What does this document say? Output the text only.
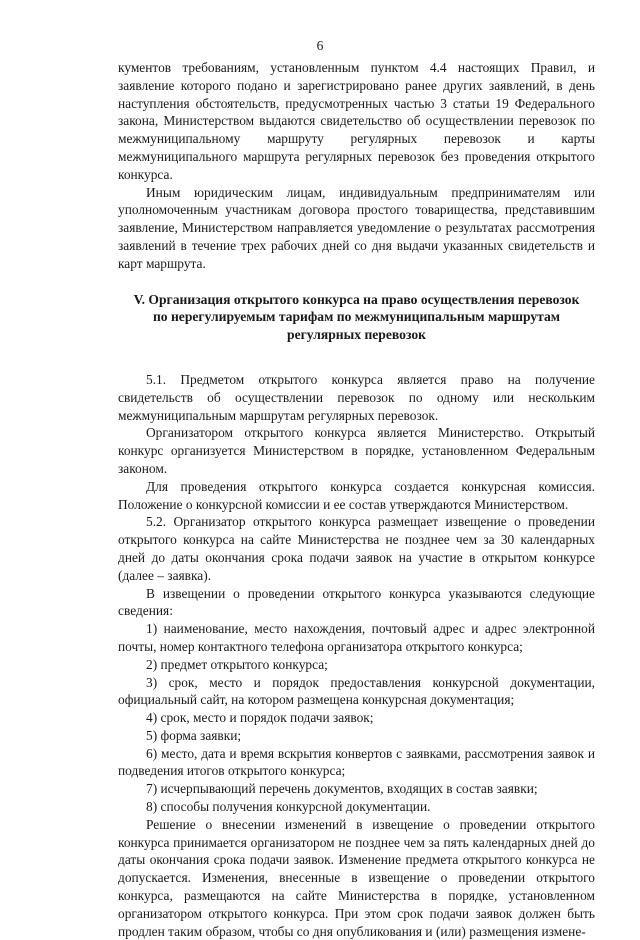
6

кументов требованиям, установленным пунктом 4.4 настоящих Правил, и заявление которого подано и зарегистрировано ранее других заявлений, в день наступления обстоятельств, предусмотренных частью 3 статьи 19 Федерального закона, Министерством выдаются свидетельство об осуществлении перевозок по межмуниципальному маршруту регулярных перевозок и карты межмуниципального маршрута регулярных перевозок без проведения открытого конкурса.

Иным юридическим лицам, индивидуальным предпринимателям или уполномоченным участникам договора простого товарищества, представившим заявление, Министерством направляется уведомление о результатах рассмотрения заявлений в течение трех рабочих дней со дня выдачи указанных свидетельств и карт маршрута.

V. Организация открытого конкурса на право осуществления перевозок
по нерегулируемым тарифам по межмуниципальным маршрутам
регулярных перевозок

5.1. Предметом открытого конкурса является право на получение свидетельств об осуществлении перевозок по одному или нескольким межмуниципальным маршрутам регулярных перевозок.

Организатором открытого конкурса является Министерство. Открытый конкурс организуется Министерством в порядке, установленном Федеральным законом.

Для проведения открытого конкурса создается конкурсная комиссия. Положение о конкурсной комиссии и ее состав утверждаются Министерством.

5.2. Организатор открытого конкурса размещает извещение о проведении открытого конкурса на сайте Министерства не позднее чем за 30 календарных дней до даты окончания срока подачи заявок на участие в открытом конкурсе (далее – заявка).

В извещении о проведении открытого конкурса указываются следующие сведения:

1) наименование, место нахождения, почтовый адрес и адрес электронной почты, номер контактного телефона организатора открытого конкурса;

2) предмет открытого конкурса;

3) срок, место и порядок предоставления конкурсной документации, официальный сайт, на котором размещена конкурсная документация;

4) срок, место и порядок подачи заявок;

5) форма заявки;

6) место, дата и время вскрытия конвертов с заявками, рассмотрения заявок и подведения итогов открытого конкурса;

7) исчерпывающий перечень документов, входящих в состав заявки;

8) способы получения конкурсной документации.

Решение о внесении изменений в извещение о проведении открытого конкурса принимается организатором не позднее чем за пять календарных дней до даты окончания срока подачи заявок. Изменение предмета открытого конкурса не допускается. Изменения, внесенные в извещение о проведении открытого конкурса, размещаются на сайте Министерства в порядке, установленном организатором открытого конкурса. При этом срок подачи заявок должен быть продлен таким образом, чтобы со дня опубликования и (или) размещения измене-
